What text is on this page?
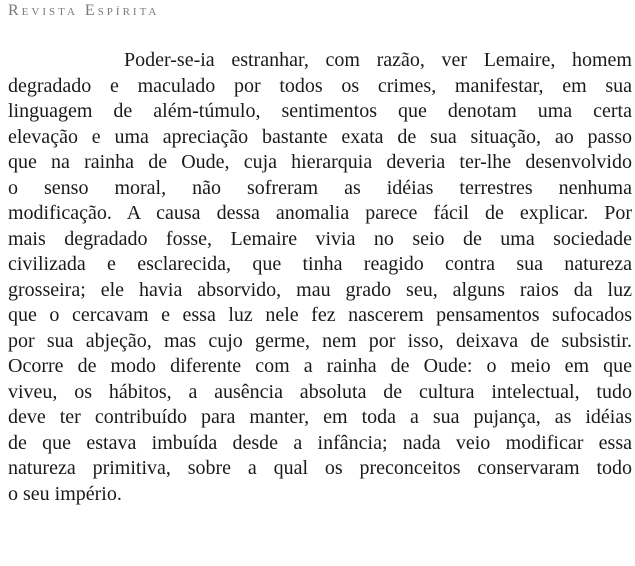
Revista Espírita
Poder-se-ia estranhar, com razão, ver Lemaire, homem
degradado e maculado por todos os crimes, manifestar, em sua
linguagem de além-túmulo, sentimentos que denotam uma certa
elevação e uma apreciação bastante exata de sua situação, ao passo
que na rainha de Oude, cuja hierarquia deveria ter-lhe desenvolvido
o senso moral, não sofreram as idéias terrestres nenhuma
modificação. A causa dessa anomalia parece fácil de explicar. Por
mais degradado fosse, Lemaire vivia no seio de uma sociedade
civilizada e esclarecida, que tinha reagido contra sua natureza
grosseira; ele havia absorvido, mau grado seu, alguns raios da luz
que o cercavam e essa luz nele fez nascerem pensamentos sufocados
por sua abjeção, mas cujo germe, nem por isso, deixava de subsistir.
Ocorre de modo diferente com a rainha de Oude: o meio em que
viveu, os hábitos, a ausência absoluta de cultura intelectual, tudo
deve ter contribuído para manter, em toda a sua pujança, as idéias
de que estava imbuída desde a infância; nada veio modificar essa
natureza primitiva, sobre a qual os preconceitos conservaram todo
o seu império.
